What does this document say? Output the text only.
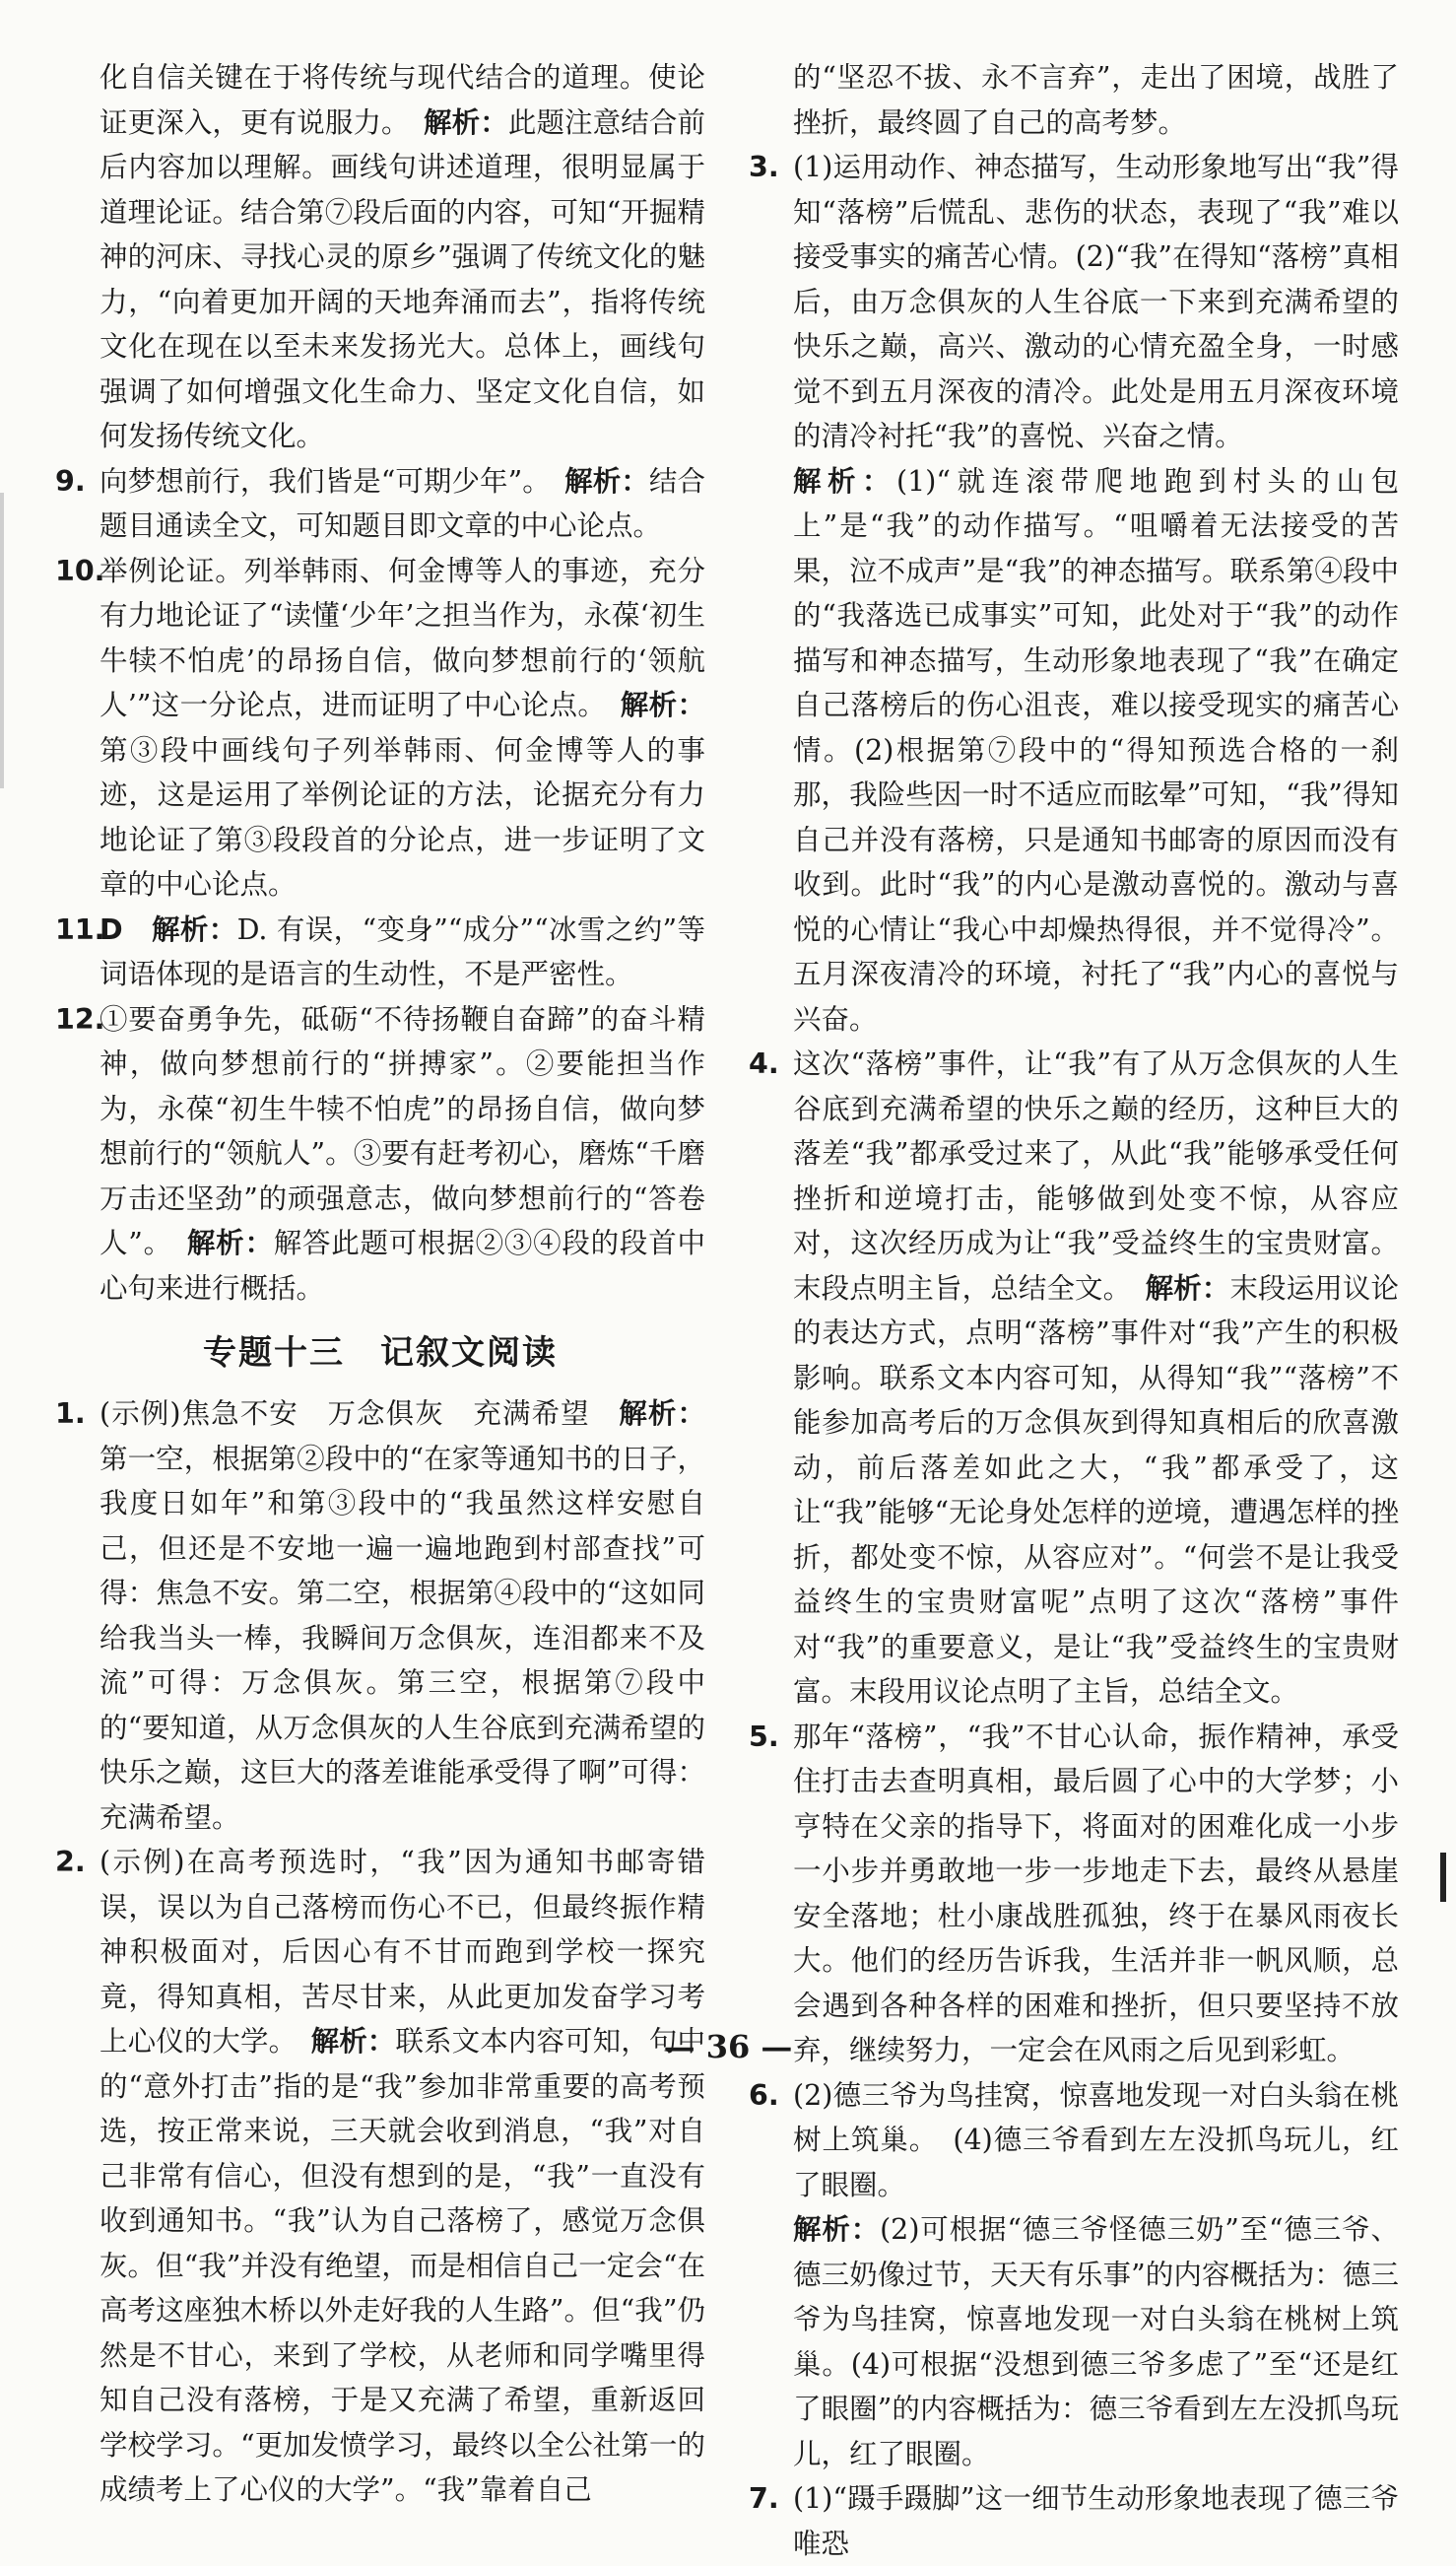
化自信关键在于将传统与现代结合的道理。使论证更深入，更有说服力。　 解析：此题注意结合前后内容加以理解。画线句讲述道理，很明显属于道理论证。结合第⑦段后面的内容，可知“开掘精神的河床、寻找心灵的原乡”强调了传统文化的魅力，“向着更加开阔的天地奔涌而去”，指将传统文化在现在以至未来发扬光大。总体上，画线句强调了如何增强文化生命力、坚定文化自信，如何发扬传统文化。

9. 向梦想前行，我们皆是“可期少年”。　 解析：结合题目通读全文，可知题目即文章的中心论点。

10.
举例论证。列举韩雨、何金博等人的事迹，充分有力地论证了“读懂‘少年’之担当作为，永葆‘初生牛犊不怕虎’的昂扬自信，做向梦想前行的‘领航人’”这一分论点，进而证明了中心论点。　 解析：第③段中画线句子列举韩雨、何金博等人的事迹，这是运用了举例论证的方法，论据充分有力地论证了第③段段首的分论点，进一步证明了文章的中心论点。

11.
D　 解析：D. 有误，“变身”“成分”“冰雪之约”等词语体现的是语言的生动性，不是严密性。

12.
①要奋勇争先，砥砺“不待扬鞭自奋蹄”的奋斗精神，做向梦想前行的“拼搏家”。②要能担当作为，永葆“初生牛犊不怕虎”的昂扬自信，做向梦想前行的“领航人”。③要有赶考初心，磨炼“千磨万击还坚劲”的顽强意志，做向梦想前行的“答卷人”。　 解析：解答此题可根据②③④段的段首中心句来进行概括。

专题十三　记叙文阅读

1. (示例)焦急不安　万念俱灰　充满希望　 解析：第一空，根据第②段中的“在家等通知书的日子，我度日如年”和第③段中的“我虽然这样安慰自己，但还是不安地一遍一遍地跑到村部查找”可得：焦急不安。第二空，根据第④段中的“这如同给我当头一棒，我瞬间万念俱灰，连泪都来不及流”可得：万念俱灰。第三空，根据第⑦段中的“要知道，从万念俱灰的人生谷底到充满希望的快乐之巅，这巨大的落差谁能承受得了啊”可得：充满希望。

2. (示例)在高考预选时，“我”因为通知书邮寄错误，误以为自己落榜而伤心不已，但最终振作精神积极面对，后因心有不甘而跑到学校一探究竟，得知真相，苦尽甘来，从此更加发奋学习考上心仪的大学。　 解析：联系文本内容可知，句中的“意外打击”指的是“我”参加非常重要的高考预选，按正常来说，三天就会收到消息，“我”对自己非常有信心，但没有想到的是，“我”一直没有收到通知书。“我”认为自己落榜了，感觉万念俱灰。但“我”并没有绝望，而是相信自己一定会“在高考这座独木桥以外走好我的人生路”。但“我”仍然是不甘心，来到了学校，从老师和同学嘴里得知自己没有落榜，于是又充满了希望，重新返回学校学习。“更加发愤学习，最终以全公社第一的成绩考上了心仪的大学”。“我”靠着自己

的“坚忍不拔、永不言弃”，走出了困境，战胜了挫折，最终圆了自己的高考梦。

3. (1)运用动作、神态描写，生动形象地写出“我”得知“落榜”后慌乱、悲伤的状态，表现了“我”难以接受事实的痛苦心情。(2)“我”在得知“落榜”真相后，由万念俱灰的人生谷底一下来到充满希望的快乐之巅，高兴、激动的心情充盈全身，一时感觉不到五月深夜的清冷。此处是用五月深夜环境的清冷衬托“我”的喜悦、兴奋之情。

解析：(1)“就连滚带爬地跑到村头的山包上”是“我”的动作描写。“咀嚼着无法接受的苦果，泣不成声”是“我”的神态描写。联系第④段中的“我落选已成事实”可知，此处对于“我”的动作描写和神态描写，生动形象地表现了“我”在确定自己落榜后的伤心沮丧，难以接受现实的痛苦心情。(2)根据第⑦段中的“得知预选合格的一刹那，我险些因一时不适应而眩晕”可知，“我”得知自己并没有落榜，只是通知书邮寄的原因而没有收到。此时“我”的内心是激动喜悦的。激动与喜悦的心情让“我心中却燥热得很，并不觉得冷”。五月深夜清冷的环境，衬托了“我”内心的喜悦与兴奋。

4. 这次“落榜”事件，让“我”有了从万念俱灰的人生谷底到充满希望的快乐之巅的经历，这种巨大的落差“我”都承受过来了，从此“我”能够承受任何挫折和逆境打击，能够做到处变不惊，从容应对，这次经历成为让“我”受益终生的宝贵财富。末段点明主旨，总结全文。　 解析：末段运用议论的表达方式，点明“落榜”事件对“我”产生的积极影响。联系文本内容可知，从得知“我”“落榜”不能参加高考后的万念俱灰到得知真相后的欣喜激动，前后落差如此之大，“我”都承受了，这让“我”能够“无论身处怎样的逆境，遭遇怎样的挫折，都处变不惊，从容应对”。“何尝不是让我受益终生的宝贵财富呢”点明了这次“落榜”事件对“我”的重要意义，是让“我”受益终生的宝贵财富。末段用议论点明了主旨，总结全文。

5. 那年“落榜”，“我”不甘心认命，振作精神，承受住打击去查明真相，最后圆了心中的大学梦；小亨特在父亲的指导下，将面对的困难化成一小步一小步并勇敢地一步一步地走下去，最终从悬崖安全落地；杜小康战胜孤独，终于在暴风雨夜长大。他们的经历告诉我，生活并非一帆风顺，总会遇到各种各样的困难和挫折，但只要坚持不放弃，继续努力，一定会在风雨之后见到彩虹。

6. (2)德三爷为鸟挂窝，惊喜地发现一对白头翁在桃树上筑巢。　(4)德三爷看到左左没抓鸟玩儿，红了眼圈。

解析：(2)可根据“德三爷怪德三奶”至“德三爷、德三奶像过节，天天有乐事”的内容概括为：德三爷为鸟挂窝，惊喜地发现一对白头翁在桃树上筑巢。(4)可根据“没想到德三爷多虑了”至“还是红了眼圈”的内容概括为：德三爷看到左左没抓鸟玩儿，红了眼圈。

7. (1)“蹑手蹑脚”这一细节生动形象地表现了德三爷唯恐

— 36 —
